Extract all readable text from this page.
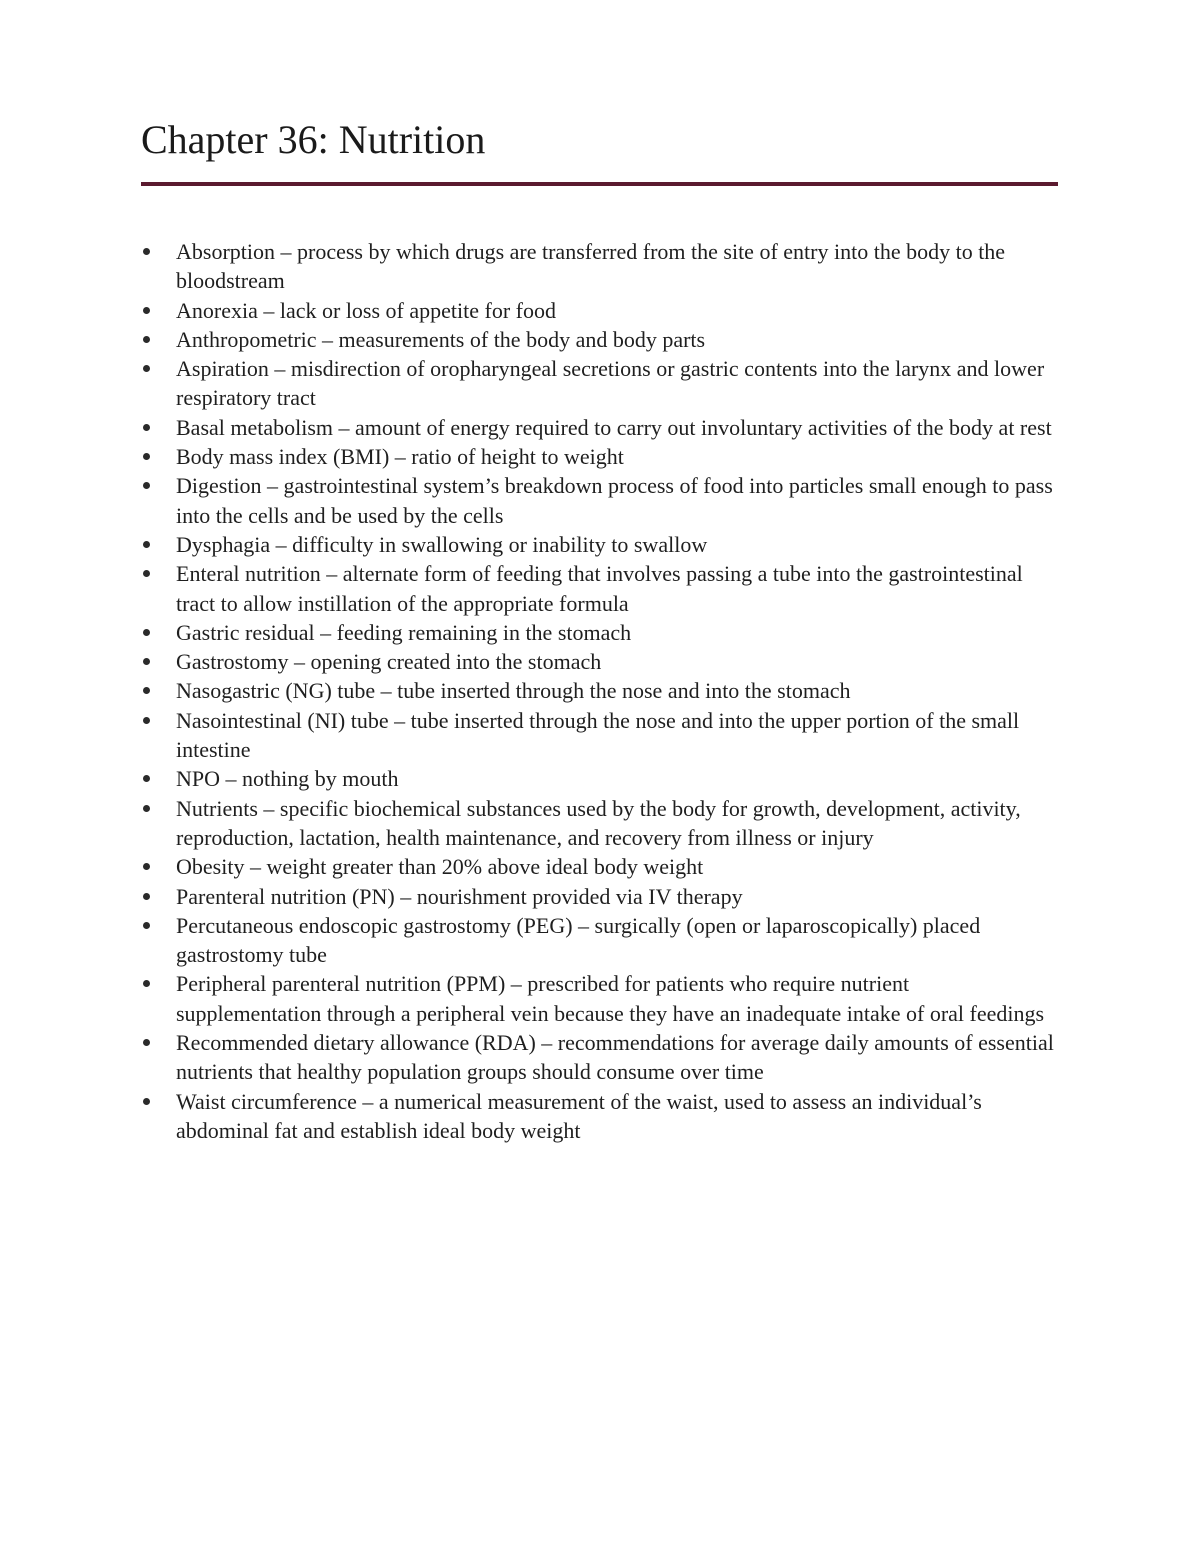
Chapter 36: Nutrition
Absorption – process by which drugs are transferred from the site of entry into the body to the bloodstream
Anorexia – lack or loss of appetite for food
Anthropometric – measurements of the body and body parts
Aspiration – misdirection of oropharyngeal secretions or gastric contents into the larynx and lower respiratory tract
Basal metabolism – amount of energy required to carry out involuntary activities of the body at rest
Body mass index (BMI) – ratio of height to weight
Digestion – gastrointestinal system’s breakdown process of food into particles small enough to pass into the cells and be used by the cells
Dysphagia – difficulty in swallowing or inability to swallow
Enteral nutrition – alternate form of feeding that involves passing a tube into the gastrointestinal tract to allow instillation of the appropriate formula
Gastric residual – feeding remaining in the stomach
Gastrostomy – opening created into the stomach
Nasogastric (NG) tube – tube inserted through the nose and into the stomach
Nasointestinal (NI) tube – tube inserted through the nose and into the upper portion of the small intestine
NPO – nothing by mouth
Nutrients – specific biochemical substances used by the body for growth, development, activity, reproduction, lactation, health maintenance, and recovery from illness or injury
Obesity – weight greater than 20% above ideal body weight
Parenteral nutrition (PN) – nourishment provided via IV therapy
Percutaneous endoscopic gastrostomy (PEG) – surgically (open or laparoscopically) placed gastrostomy tube
Peripheral parenteral nutrition (PPM) – prescribed for patients who require nutrient supplementation through a peripheral vein because they have an inadequate intake of oral feedings
Recommended dietary allowance (RDA) – recommendations for average daily amounts of essential nutrients that healthy population groups should consume over time
Waist circumference – a numerical measurement of the waist, used to assess an individual’s abdominal fat and establish ideal body weight
